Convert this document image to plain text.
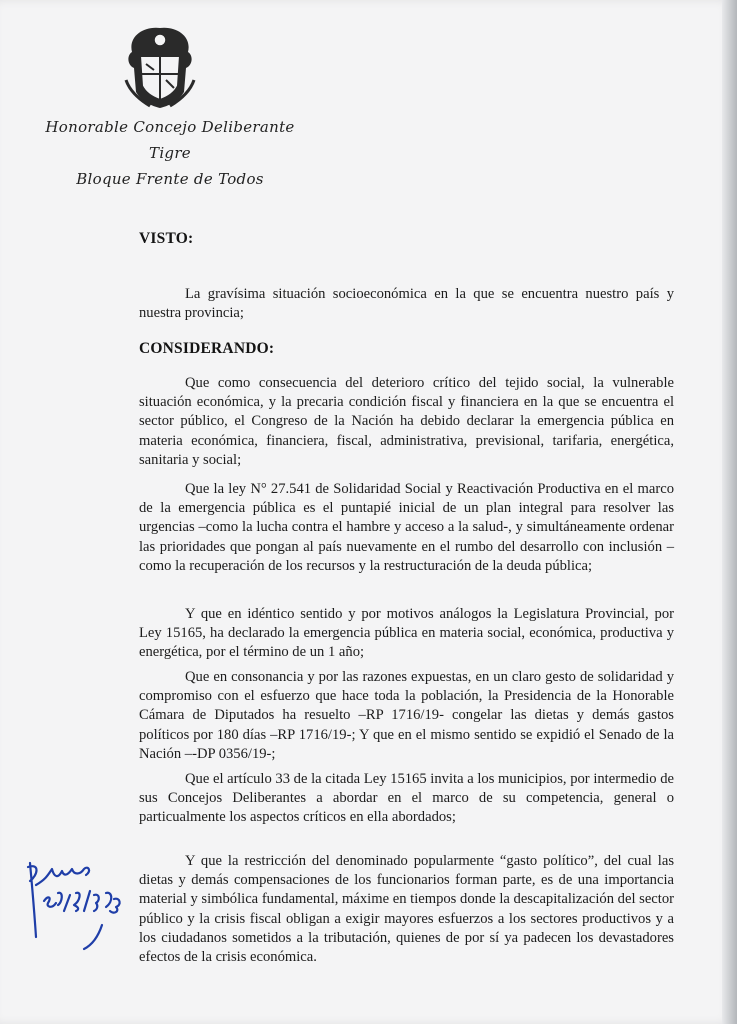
Honorable Concejo Deliberante
Tigre
Bloque Frente de Todos
VISTO:
La gravísima situación socioeconómica en la que se encuentra nuestro país y nuestra provincia;
CONSIDERANDO:
Que como consecuencia del deterioro crítico del tejido social, la vulnerable situación económica, y la precaria condición fiscal y financiera en la que se encuentra el sector público, el Congreso de la Nación ha debido declarar la emergencia pública en materia económica, financiera, fiscal, administrativa, previsional, tarifaria, energética, sanitaria y social;
Que la ley N° 27.541 de Solidaridad Social y Reactivación Productiva en el marco de la emergencia pública es el puntapié inicial de un plan integral para resolver las urgencias –como la lucha contra el hambre y acceso a la salud-, y simultáneamente ordenar las prioridades que pongan al país nuevamente en el rumbo del desarrollo con inclusión –como la recuperación de los recursos y la restructuración de la deuda pública;
Y que en idéntico sentido y por motivos análogos la Legislatura Provincial, por Ley 15165, ha declarado la emergencia pública en materia social, económica, productiva y energética, por el término de un 1 año;
Que en consonancia y por las razones expuestas, en un claro gesto de solidaridad y compromiso con el esfuerzo que hace toda la población, la Presidencia de la Honorable Cámara de Diputados ha resuelto –RP 1716/19- congelar las dietas y demás gastos políticos por 180 días –RP 1716/19-; Y que en el mismo sentido se expidió el Senado de la Nación –-DP 0356/19-;
Que el artículo 33 de la citada Ley 15165 invita a los municipios, por intermedio de sus Concejos Deliberantes a abordar en el marco de su competencia, general o particualmente los aspectos críticos en ella abordados;
Y que la restricción del denominado popularmente “gasto político”, del cual las dietas y demás compensaciones de los funcionarios forman parte, es de una importancia material y simbólica fundamental, máxime en tiempos donde la descapitalización del sector público y la crisis fiscal obligan a exigir mayores esfuerzos a los sectores productivos y a los ciudadanos sometidos a la tributación, quienes de por sí ya padecen los devastadores efectos de la crisis económica.
